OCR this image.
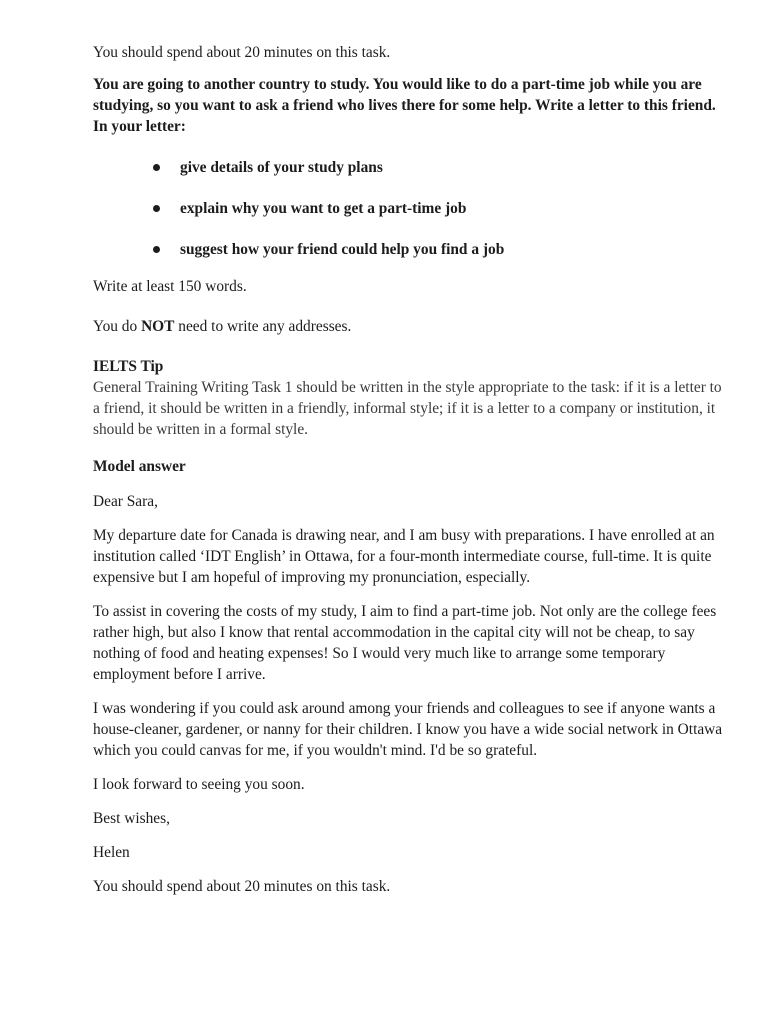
You should spend about 20 minutes on this task.

You are going to another country to study. You would like to do a part-time job while you are studying, so you want to ask a friend who lives there for some help. Write a letter to this friend. In your letter:

give details of your study plans
explain why you want to get a part-time job
suggest how your friend could help you find a job

Write at least 150 words.

You do NOT need to write any addresses.

IELTS Tip

General Training Writing Task 1 should be written in the style appropriate to the task: if it is a letter to a friend, it should be written in a friendly, informal style; if it is a letter to a company or institution, it should be written in a formal style.

Model answer

Dear Sara,

My departure date for Canada is drawing near, and I am busy with preparations. I have enrolled at an institution called ‘IDT English’ in Ottawa, for a four-month intermediate course, full-time. It is quite expensive but I am hopeful of improving my pronunciation, especially.

To assist in covering the costs of my study, I aim to find a part-time job. Not only are the college fees rather high, but also I know that rental accommodation in the capital city will not be cheap, to say nothing of food and heating expenses! So I would very much like to arrange some temporary employment before I arrive.

I was wondering if you could ask around among your friends and colleagues to see if anyone wants a house-cleaner, gardener, or nanny for their children. I know you have a wide social network in Ottawa which you could canvas for me, if you wouldn't mind. I'd be so grateful.

I look forward to seeing you soon.

Best wishes,

Helen

You should spend about 20 minutes on this task.
